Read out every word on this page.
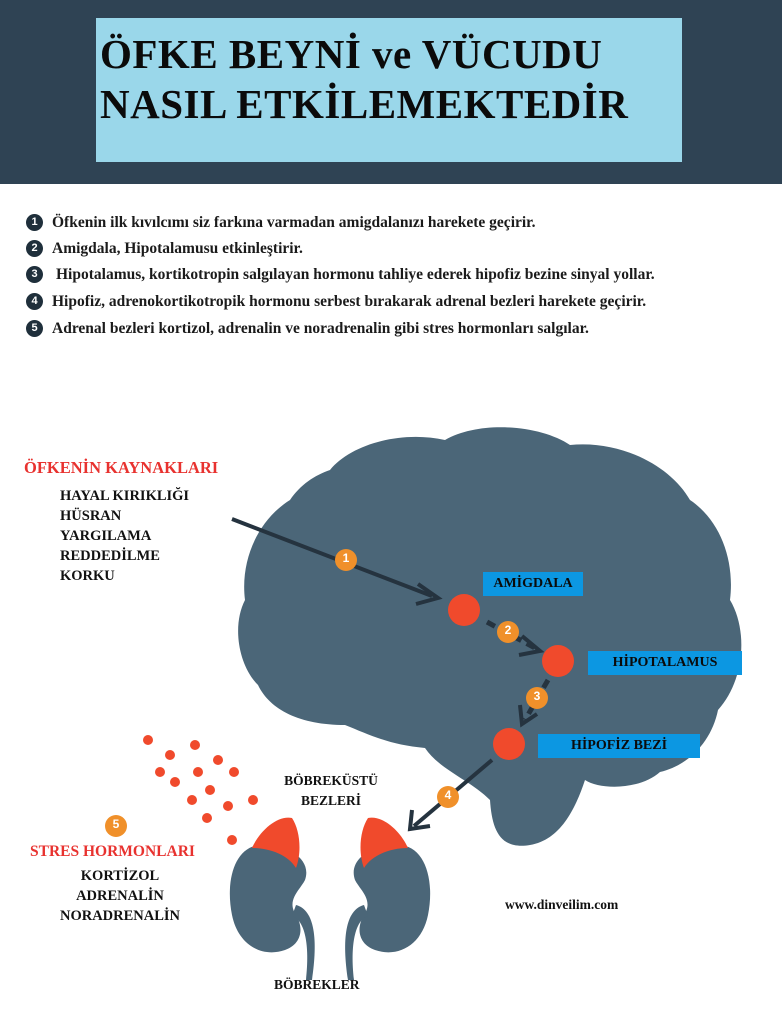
ÖFKE BEYNİ ve VÜCUDU
NASIL ETKİLEMEKTEDİR
1 Öfkenin ilk kıvılcımı siz farkına varmadan amigdalanızı harekete geçirir.
2 Amigdala, Hipotalamusu etkinleştirir.
3	Hipotalamus, kortikotropin salgılayan hormonu tahliye ederek hipofiz bezine sinyal yollar.
4 Hipofiz, adrenokortikotropik hormonu serbest bırakarak adrenal bezleri harekete geçirir.
5 Adrenal bezleri kortizol, adrenalin ve noradrenalin gibi stres hormonları salgılar.
1
2
3
4
5
AMİGDALA
HİPOTALAMUS
HİPOFİZ BEZİ
ÖFKENİN KAYNAKLARI
HAYAL KIRIKLIĞI
HÜSRAN
YARGILAMA
REDDEDİLME
KORKU
BÖBREKÜSTÜ BEZLERİ
STRES HORMONLARI
KORTİZOL
ADRENALİN
NORADRENALİN
BÖBREKLER
www.dinveilim.com
